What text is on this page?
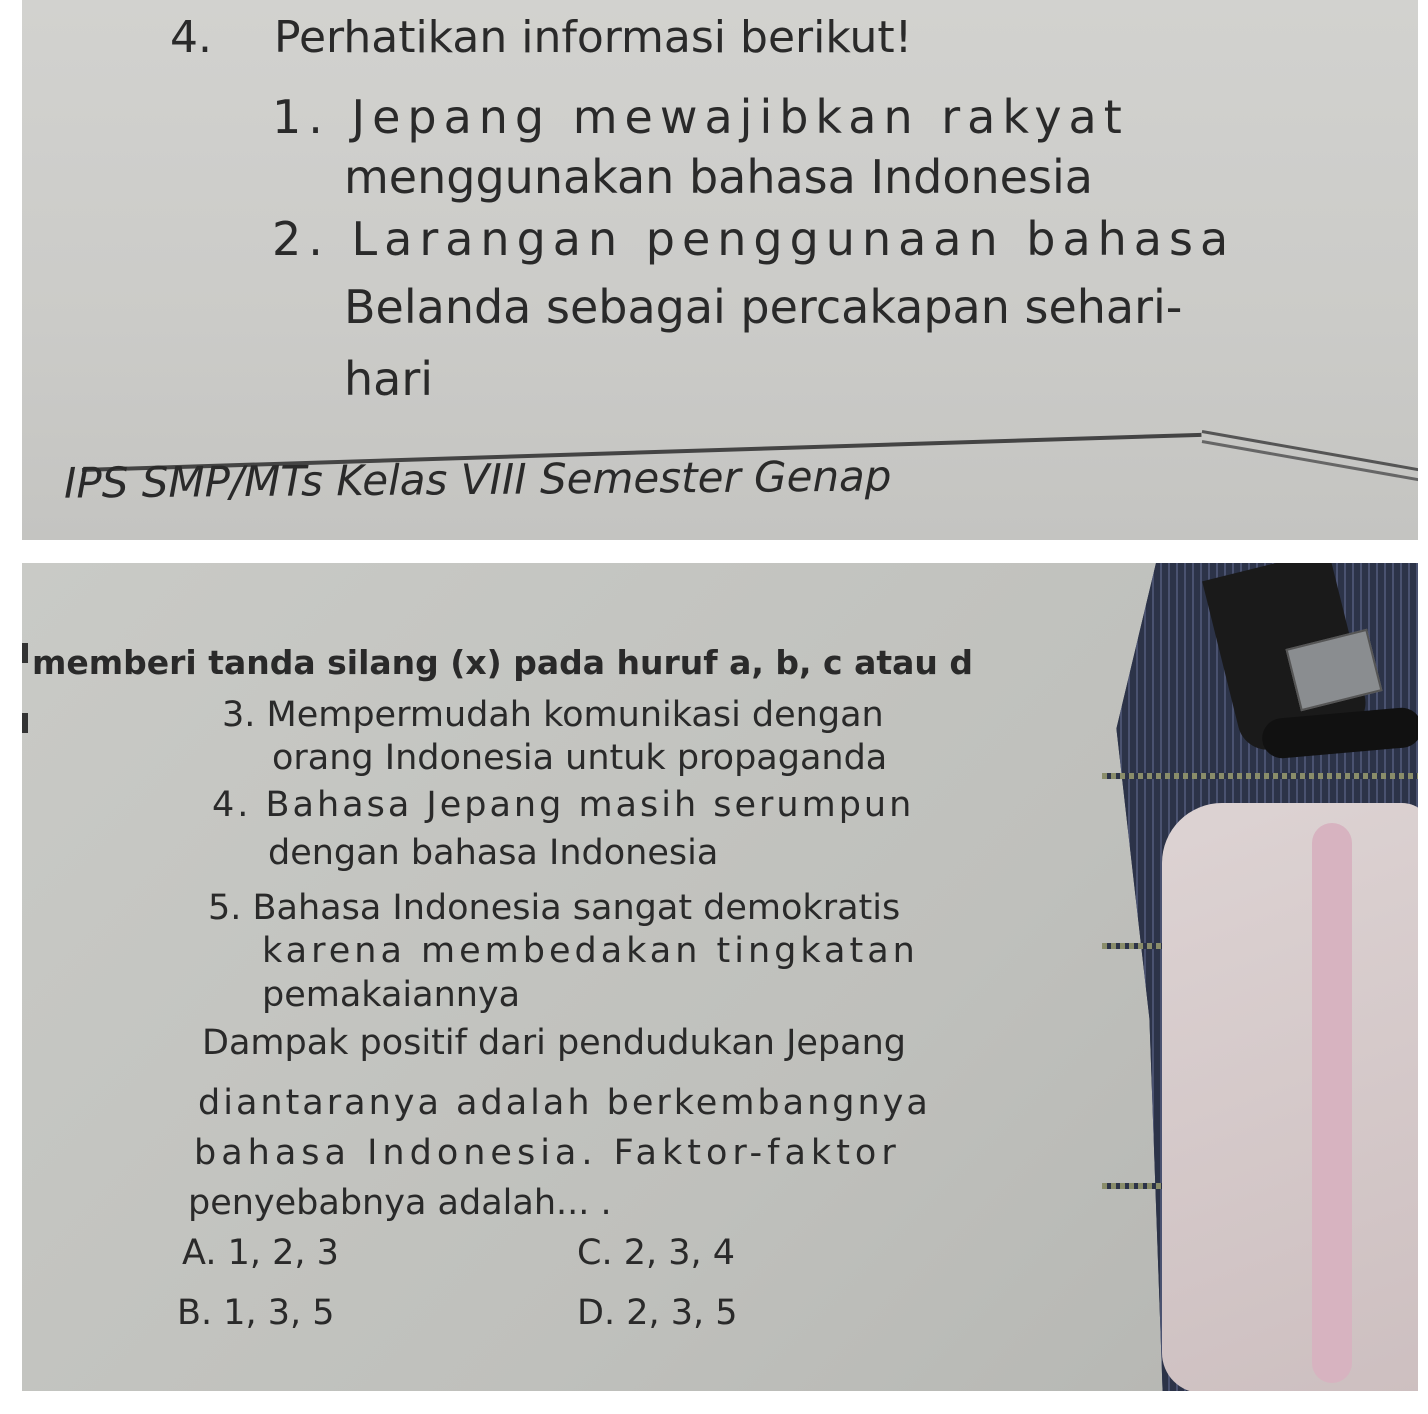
4. Perhatikan informasi berikut!
1. Jepang mewajibkan rakyat
menggunakan bahasa Indonesia
2. Larangan penggunaan bahasa
Belanda sebagai percakapan sehari-
hari
IPS SMP/MTs Kelas VIII Semester Genap
memberi tanda silang (x) pada huruf a, b, c atau d
3. Mempermudah komunikasi dengan
orang Indonesia untuk propaganda
4. Bahasa Jepang masih serumpun
dengan bahasa Indonesia
5. Bahasa Indonesia sangat demokratis
karena membedakan tingkatan
pemakaiannya
Dampak positif dari pendudukan Jepang
diantaranya adalah berkembangnya
bahasa Indonesia. Faktor-faktor
penyebabnya adalah... .
A. 1, 2, 3	C. 2, 3, 4
B. 1, 3, 5	D. 2, 3, 5
